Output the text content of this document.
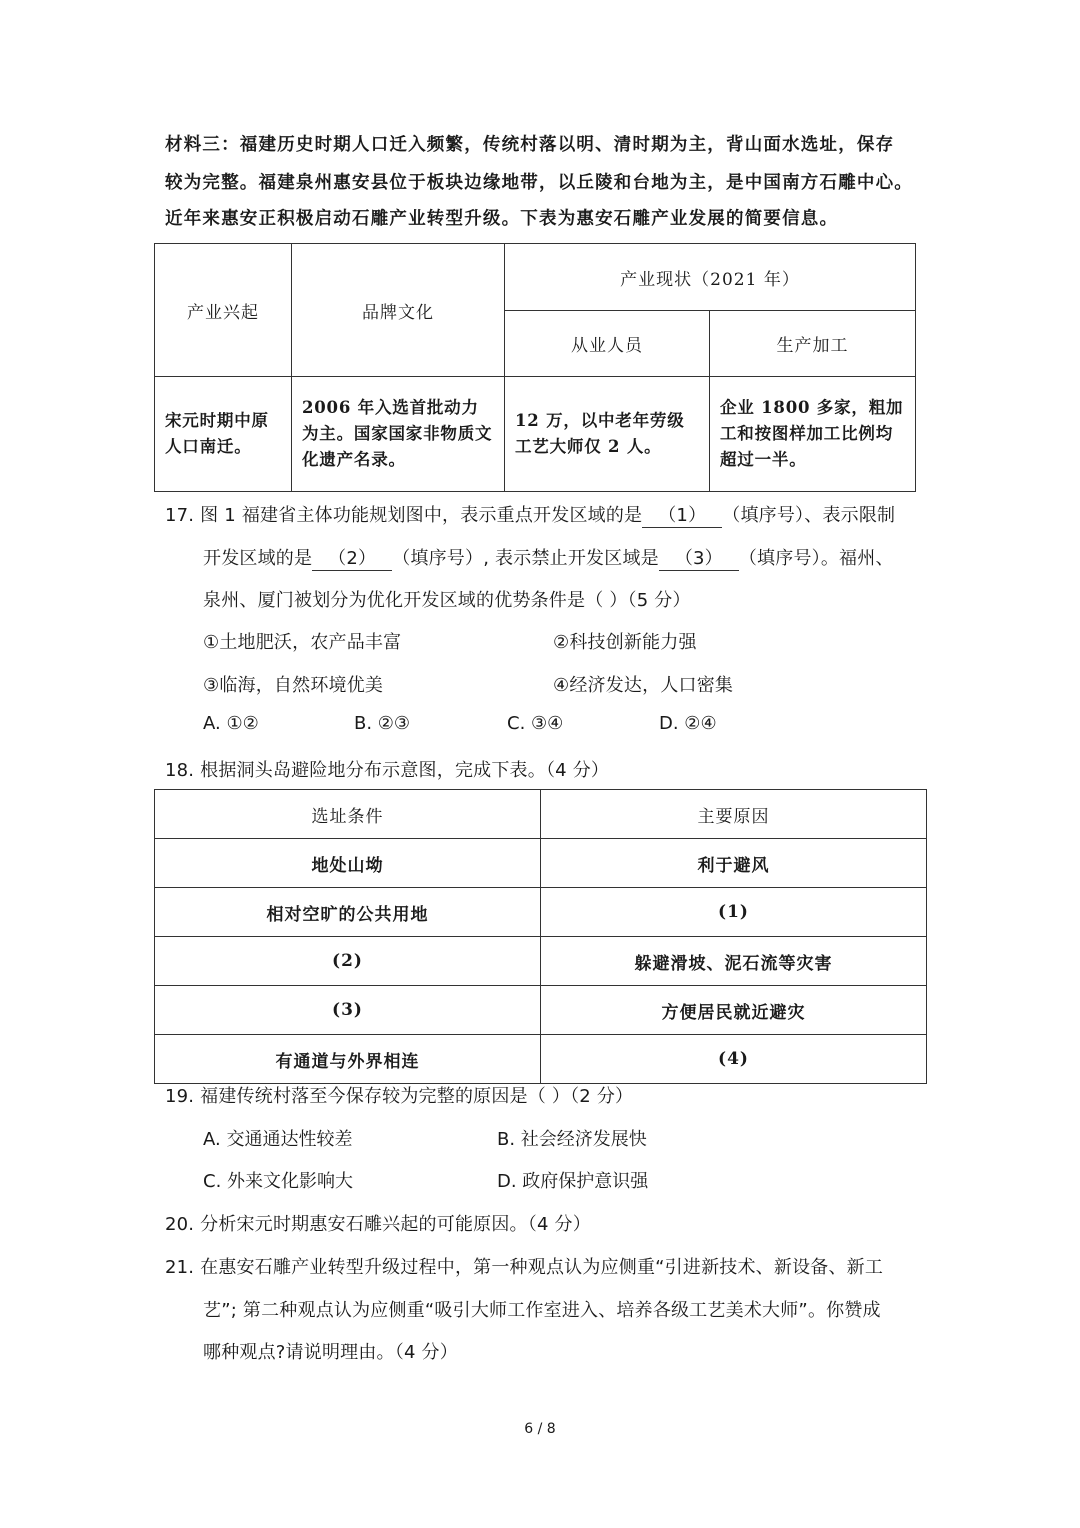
材料三：福建历史时期人口迁入频繁，传统村落以明、清时期为主，背山面水选址，保存
较为完整。福建泉州惠安县位于板块边缘地带，以丘陵和台地为主，是中国南方石雕中心。
近年来惠安正积极启动石雕产业转型升级。下表为惠安石雕产业发展的简要信息。
产业兴起	品牌文化	产业现状（2021 年）	
		从业人员	生产加工
宋元时期中原人口南迁。	2006 年入选首批动力为主。国家国家非物质文化遗产名录。	12 万，以中老年劳级工艺大师仅 2 人。	企业 1800 多家，粗加工和按图样加工比例均超过一半。
17. 图 1 福建省主体功能规划图中，表示重点开发区域的是 （1） （填序号）、表示限制
开发区域的是 （2） （填序号）, 表示禁止开发区域是 （3） （填序号）。福州、
泉州、厦门被划分为优化开发区域的优势条件是（ ）（5 分）
①土地肥沃，农产品丰富	②科技创新能力强
③临海，自然环境优美	④经济发达，人口密集
A. ①②	B. ②③	C. ③④	D. ②④
18. 根据洞头岛避险地分布示意图，完成下表。（4 分）
选址条件	主要原因
地处山坳	利于避风
相对空旷的公共用地	(1)
(2)	躲避滑坡、泥石流等灾害
(3)	方便居民就近避灾
有通道与外界相连	(4)
19. 福建传统村落至今保存较为完整的原因是（ ）（2 分）
A. 交通通达性较差	B. 社会经济发展快
C. 外来文化影响大	D. 政府保护意识强
20. 分析宋元时期惠安石雕兴起的可能原因。（4 分）
21. 在惠安石雕产业转型升级过程中，第一种观点认为应侧重“引进新技术、新设备、新工
艺”; 第二种观点认为应侧重“吸引大师工作室进入、培养各级工艺美术大师”。你赞成
哪种观点?请说明理由。（4 分）
6 / 8
